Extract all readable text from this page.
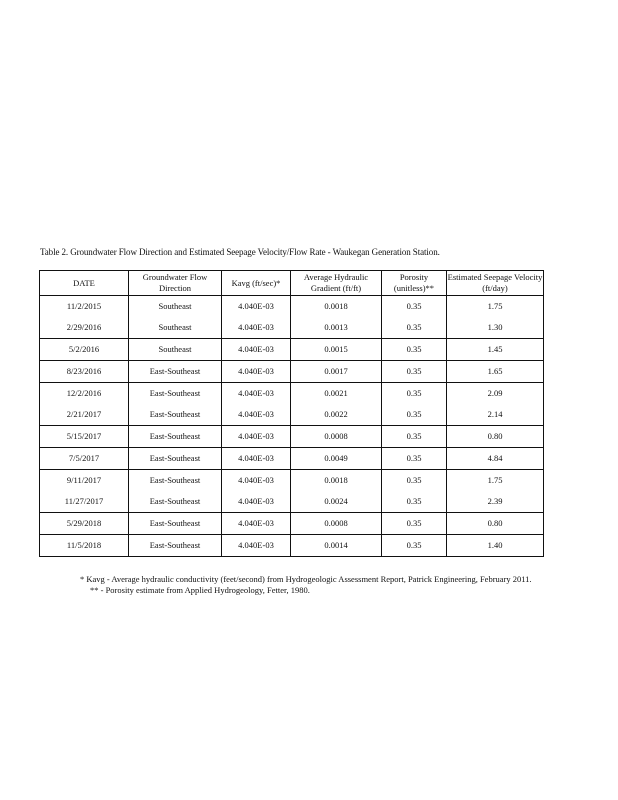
Table 2. Groundwater Flow Direction and Estimated Seepage Velocity/Flow Rate - Waukegan Generation Station.
DATE	Groundwater Flow Direction	Kavg (ft/sec)*	Average Hydraulic Gradient (ft/ft)	Porosity (unitless)**	Estimated Seepage Velocity (ft/day)
11/2/2015	Southeast	4.040E-03	0.0018	0.35	1.75
2/29/2016	Southeast	4.040E-03	0.0013	0.35	1.30
5/2/2016	Southeast	4.040E-03	0.0015	0.35	1.45
8/23/2016	East-Southeast	4.040E-03	0.0017	0.35	1.65
12/2/2016	East-Southeast	4.040E-03	0.0021	0.35	2.09
2/21/2017	East-Southeast	4.040E-03	0.0022	0.35	2.14
5/15/2017	East-Southeast	4.040E-03	0.0008	0.35	0.80
7/5/2017	East-Southeast	4.040E-03	0.0049	0.35	4.84
9/11/2017	East-Southeast	4.040E-03	0.0018	0.35	1.75
11/27/2017	East-Southeast	4.040E-03	0.0024	0.35	2.39
5/29/2018	East-Southeast	4.040E-03	0.0008	0.35	0.80
11/5/2018	East-Southeast	4.040E-03	0.0014	0.35	1.40
* Kavg - Average hydraulic conductivity (feet/second) from Hydrogeologic Assessment Report, Patrick Engineering, February 2011.
** - Porosity estimate from Applied Hydrogeology, Fetter, 1980.
